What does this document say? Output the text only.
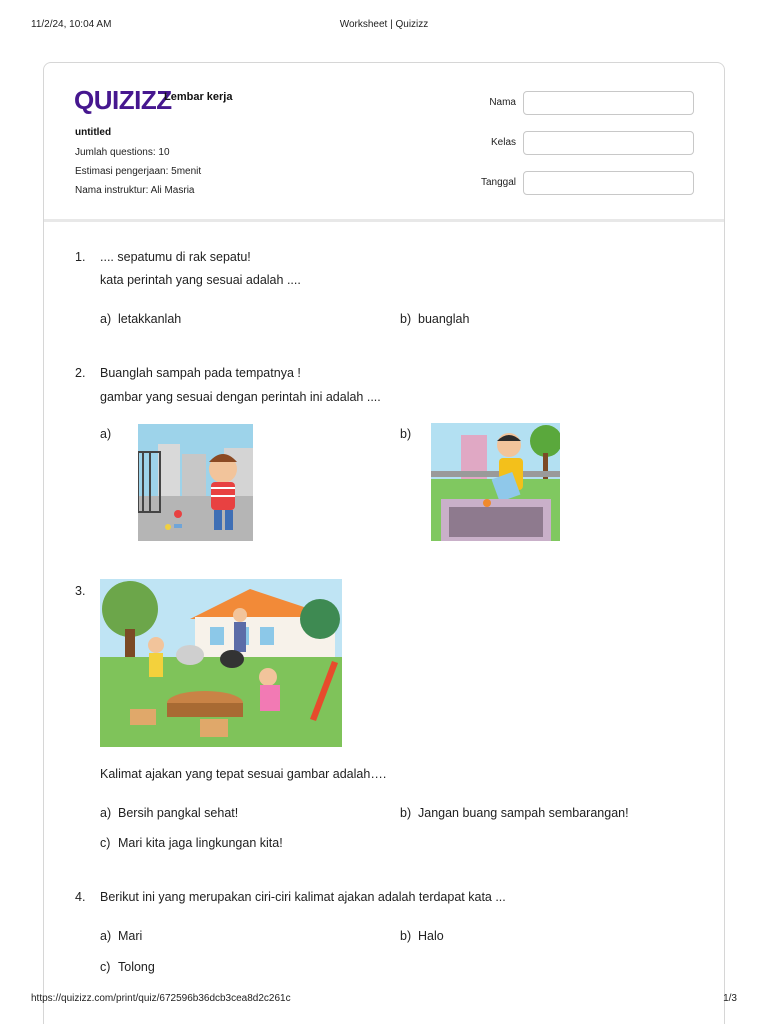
11/2/24, 10:04 AM	Worksheet | Quizizz
QUIZIZZ
Lembar kerja
untitled
Jumlah questions: 10
Estimasi pengerjaan: 5menit
Nama instruktur: Ali Masria
Nama
Kelas
Tanggal
1. .... sepatumu di rak sepatu!
kata perintah yang sesuai adalah ....
a) letakkanlah	b) buanglah
2. Buanglah sampah pada tempatnya !
gambar yang sesuai dengan perintah ini adalah ....
a)	b)
3.
Kalimat ajakan yang tepat sesuai gambar adalah….
a) Bersih pangkal sehat!	b) Jangan buang sampah sembarangan!
c) Mari kita jaga lingkungan kita!
4. Berikut ini yang merupakan ciri-ciri kalimat ajakan adalah terdapat kata ...
a) Mari	b) Halo
c) Tolong
https://quizizz.com/print/quiz/672596b36dcb3cea8d2c261c	1/3
